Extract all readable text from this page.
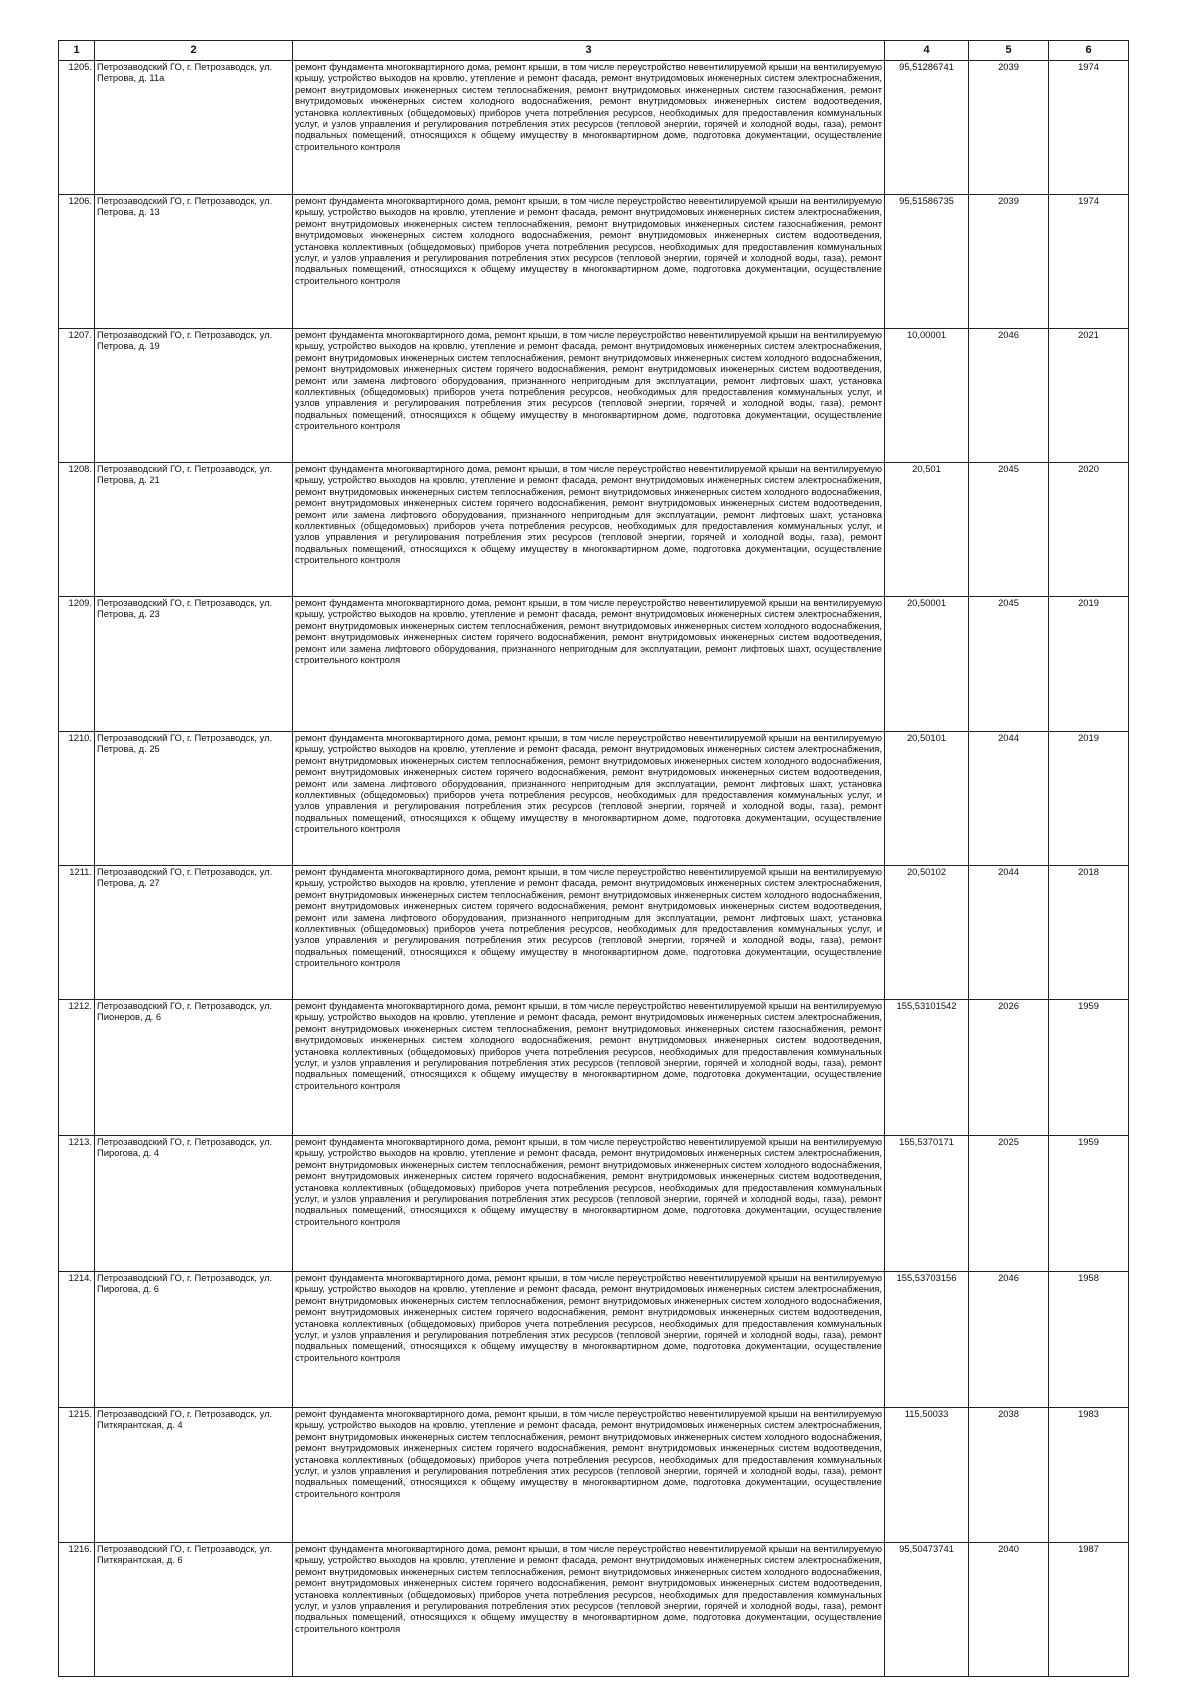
1	2	3	4	5	6
1205.	Петрозаводский ГО, г. Петрозаводск, ул. Петрова, д. 11а	ремонт фундамента многоквартирного дома, ремонт крыши, в том числе переустройство невентилируемой крыши на вентилируемую крышу, устройство выходов на кровлю, утепление и ремонт фасада, ремонт внутридомовых инженерных систем электроснабжения, ремонт внутридомовых инженерных систем теплоснабжения, ремонт внутридомовых инженерных систем газоснабжения, ремонт внутридомовых инженерных систем холодного водоснабжения, ремонт внутридомовых инженерных систем водоотведения, установка коллективных (общедомовых) приборов учета потребления ресурсов, необходимых для предоставления коммунальных услуг, и узлов управления и регулирования потребления этих ресурсов (тепловой энергии, горячей и холодной воды, газа), ремонт подвальных помещений, относящихся к общему имуществу в многоквартирном доме, подготовка документации, осуществление строительного контроля	95,51286741	2039	1974
1206.	Петрозаводский ГО, г. Петрозаводск, ул. Петрова, д. 13	ремонт фундамента многоквартирного дома, ремонт крыши, в том числе переустройство невентилируемой крыши на вентилируемую крышу, устройство выходов на кровлю, утепление и ремонт фасада, ремонт внутридомовых инженерных систем электроснабжения, ремонт внутридомовых инженерных систем теплоснабжения, ремонт внутридомовых инженерных систем газоснабжения, ремонт внутридомовых инженерных систем холодного водоснабжения, ремонт внутридомовых инженерных систем водоотведения, установка коллективных (общедомовых) приборов учета потребления ресурсов, необходимых для предоставления коммунальных услуг, и узлов управления и регулирования потребления этих ресурсов (тепловой энергии, горячей и холодной воды, газа), ремонт подвальных помещений, относящихся к общему имуществу в многоквартирном доме, подготовка документации, осуществление строительного контроля	95,51586735	2039	1974
1207.	Петрозаводский ГО, г. Петрозаводск, ул. Петрова, д. 19	ремонт фундамента многоквартирного дома, ремонт крыши, в том числе переустройство невентилируемой крыши на вентилируемую крышу, устройство выходов на кровлю, утепление и ремонт фасада, ремонт внутридомовых инженерных систем электроснабжения, ремонт внутридомовых инженерных систем теплоснабжения, ремонт внутридомовых инженерных систем холодного водоснабжения, ремонт внутридомовых инженерных систем горячего водоснабжения, ремонт внутридомовых инженерных систем водоотведения, ремонт или замена лифтового оборудования, признанного непригодным для эксплуатации, ремонт лифтовых шахт, установка коллективных (общедомовых) приборов учета потребления ресурсов, необходимых для предоставления коммунальных услуг, и узлов управления и регулирования потребления этих ресурсов (тепловой энергии, горячей и холодной воды, газа), ремонт подвальных помещений, относящихся к общему имуществу в многоквартирном доме, подготовка документации, осуществление строительного контроля	10,00001	2046	2021
1208.	Петрозаводский ГО, г. Петрозаводск, ул. Петрова, д. 21	ремонт фундамента многоквартирного дома, ремонт крыши, в том числе переустройство невентилируемой крыши на вентилируемую крышу, устройство выходов на кровлю, утепление и ремонт фасада, ремонт внутридомовых инженерных систем электроснабжения, ремонт внутридомовых инженерных систем теплоснабжения, ремонт внутридомовых инженерных систем холодного водоснабжения, ремонт внутридомовых инженерных систем горячего водоснабжения, ремонт внутридомовых инженерных систем водоотведения, ремонт или замена лифтового оборудования, признанного непригодным для эксплуатации, ремонт лифтовых шахт, установка коллективных (общедомовых) приборов учета потребления ресурсов, необходимых для предоставления коммунальных услуг, и узлов управления и регулирования потребления этих ресурсов (тепловой энергии, горячей и холодной воды, газа), ремонт подвальных помещений, относящихся к общему имуществу в многоквартирном доме, подготовка документации, осуществление строительного контроля	20,501	2045	2020
1209.	Петрозаводский ГО, г. Петрозаводск, ул. Петрова, д. 23	ремонт фундамента многоквартирного дома, ремонт крыши, в том числе переустройство невентилируемой крыши на вентилируемую крышу, устройство выходов на кровлю, утепление и ремонт фасада, ремонт внутридомовых инженерных систем электроснабжения, ремонт внутридомовых инженерных систем теплоснабжения, ремонт внутридомовых инженерных систем холодного водоснабжения, ремонт внутридомовых инженерных систем горячего водоснабжения, ремонт внутридомовых инженерных систем водоотведения, ремонт или замена лифтового оборудования, признанного непригодным для эксплуатации, ремонт лифтовых шахт, осуществление строительного контроля	20,50001	2045	2019
1210.	Петрозаводский ГО, г. Петрозаводск, ул. Петрова, д. 25	ремонт фундамента многоквартирного дома, ремонт крыши, в том числе переустройство невентилируемой крыши на вентилируемую крышу, устройство выходов на кровлю, утепление и ремонт фасада, ремонт внутридомовых инженерных систем электроснабжения, ремонт внутридомовых инженерных систем теплоснабжения, ремонт внутридомовых инженерных систем холодного водоснабжения, ремонт внутридомовых инженерных систем горячего водоснабжения, ремонт внутридомовых инженерных систем водоотведения, ремонт или замена лифтового оборудования, признанного непригодным для эксплуатации, ремонт лифтовых шахт, установка коллективных (общедомовых) приборов учета потребления ресурсов, необходимых для предоставления коммунальных услуг, и узлов управления и регулирования потребления этих ресурсов (тепловой энергии, горячей и холодной воды, газа), ремонт подвальных помещений, относящихся к общему имуществу в многоквартирном доме, подготовка документации, осуществление строительного контроля	20,50101	2044	2019
1211.	Петрозаводский ГО, г. Петрозаводск, ул. Петрова, д. 27	ремонт фундамента многоквартирного дома, ремонт крыши, в том числе переустройство невентилируемой крыши на вентилируемую крышу, устройство выходов на кровлю, утепление и ремонт фасада, ремонт внутридомовых инженерных систем электроснабжения, ремонт внутридомовых инженерных систем теплоснабжения, ремонт внутридомовых инженерных систем холодного водоснабжения, ремонт внутридомовых инженерных систем горячего водоснабжения, ремонт внутридомовых инженерных систем водоотведения, ремонт или замена лифтового оборудования, признанного непригодным для эксплуатации, ремонт лифтовых шахт, установка коллективных (общедомовых) приборов учета потребления ресурсов, необходимых для предоставления коммунальных услуг, и узлов управления и регулирования потребления этих ресурсов (тепловой энергии, горячей и холодной воды, газа), ремонт подвальных помещений, относящихся к общему имуществу в многоквартирном доме, подготовка документации, осуществление строительного контроля	20,50102	2044	2018
1212.	Петрозаводский ГО, г. Петрозаводск, ул. Пионеров, д. 6	ремонт фундамента многоквартирного дома, ремонт крыши, в том числе переустройство невентилируемой крыши на вентилируемую крышу, устройство выходов на кровлю, утепление и ремонт фасада, ремонт внутридомовых инженерных систем электроснабжения, ремонт внутридомовых инженерных систем теплоснабжения, ремонт внутридомовых инженерных систем газоснабжения, ремонт внутридомовых инженерных систем холодного водоснабжения, ремонт внутридомовых инженерных систем водоотведения, установка коллективных (общедомовых) приборов учета потребления ресурсов, необходимых для предоставления коммунальных услуг, и узлов управления и регулирования потребления этих ресурсов (тепловой энергии, горячей и холодной воды, газа), ремонт подвальных помещений, относящихся к общему имуществу в многоквартирном доме, подготовка документации, осуществление строительного контроля	155,53101542	2026	1959
1213.	Петрозаводский ГО, г. Петрозаводск, ул. Пирогова, д. 4	ремонт фундамента многоквартирного дома, ремонт крыши, в том числе переустройство невентилируемой крыши на вентилируемую крышу, устройство выходов на кровлю, утепление и ремонт фасада, ремонт внутридомовых инженерных систем электроснабжения, ремонт внутридомовых инженерных систем теплоснабжения, ремонт внутридомовых инженерных систем холодного водоснабжения, ремонт внутридомовых инженерных систем горячего водоснабжения, ремонт внутридомовых инженерных систем водоотведения, установка коллективных (общедомовых) приборов учета потребления ресурсов, необходимых для предоставления коммунальных услуг, и узлов управления и регулирования потребления этих ресурсов (тепловой энергии, горячей и холодной воды, газа), ремонт подвальных помещений, относящихся к общему имуществу в многоквартирном доме, подготовка документации, осуществление строительного контроля	155,5370171	2025	1959
1214.	Петрозаводский ГО, г. Петрозаводск, ул. Пирогова, д. 6	ремонт фундамента многоквартирного дома, ремонт крыши, в том числе переустройство невентилируемой крыши на вентилируемую крышу, устройство выходов на кровлю, утепление и ремонт фасада, ремонт внутридомовых инженерных систем электроснабжения, ремонт внутридомовых инженерных систем теплоснабжения, ремонт внутридомовых инженерных систем холодного водоснабжения, ремонт внутридомовых инженерных систем горячего водоснабжения, ремонт внутридомовых инженерных систем водоотведения, установка коллективных (общедомовых) приборов учета потребления ресурсов, необходимых для предоставления коммунальных услуг, и узлов управления и регулирования потребления этих ресурсов (тепловой энергии, горячей и холодной воды, газа), ремонт подвальных помещений, относящихся к общему имуществу в многоквартирном доме, подготовка документации, осуществление строительного контроля	155,53703156	2046	1958
1215.	Петрозаводский ГО, г. Петрозаводск, ул. Питкярантская, д. 4	ремонт фундамента многоквартирного дома, ремонт крыши, в том числе переустройство невентилируемой крыши на вентилируемую крышу, устройство выходов на кровлю, утепление и ремонт фасада, ремонт внутридомовых инженерных систем электроснабжения, ремонт внутридомовых инженерных систем теплоснабжения, ремонт внутридомовых инженерных систем холодного водоснабжения, ремонт внутридомовых инженерных систем горячего водоснабжения, ремонт внутридомовых инженерных систем водоотведения, установка коллективных (общедомовых) приборов учета потребления ресурсов, необходимых для предоставления коммунальных услуг, и узлов управления и регулирования потребления этих ресурсов (тепловой энергии, горячей и холодной воды, газа), ремонт подвальных помещений, относящихся к общему имуществу в многоквартирном доме, подготовка документации, осуществление строительного контроля	115,50033	2038	1983
1216.	Петрозаводский ГО, г. Петрозаводск, ул. Питкярантская, д. 6	ремонт фундамента многоквартирного дома, ремонт крыши, в том числе переустройство невентилируемой крыши на вентилируемую крышу, устройство выходов на кровлю, утепление и ремонт фасада, ремонт внутридомовых инженерных систем электроснабжения, ремонт внутридомовых инженерных систем теплоснабжения, ремонт внутридомовых инженерных систем холодного водоснабжения, ремонт внутридомовых инженерных систем горячего водоснабжения, ремонт внутридомовых инженерных систем водоотведения, установка коллективных (общедомовых) приборов учета потребления ресурсов, необходимых для предоставления коммунальных услуг, и узлов управления и регулирования потребления этих ресурсов (тепловой энергии, горячей и холодной воды, газа), ремонт подвальных помещений, относящихся к общему имуществу в многоквартирном доме, подготовка документации, осуществление строительного контроля	95,50473741	2040	1987
